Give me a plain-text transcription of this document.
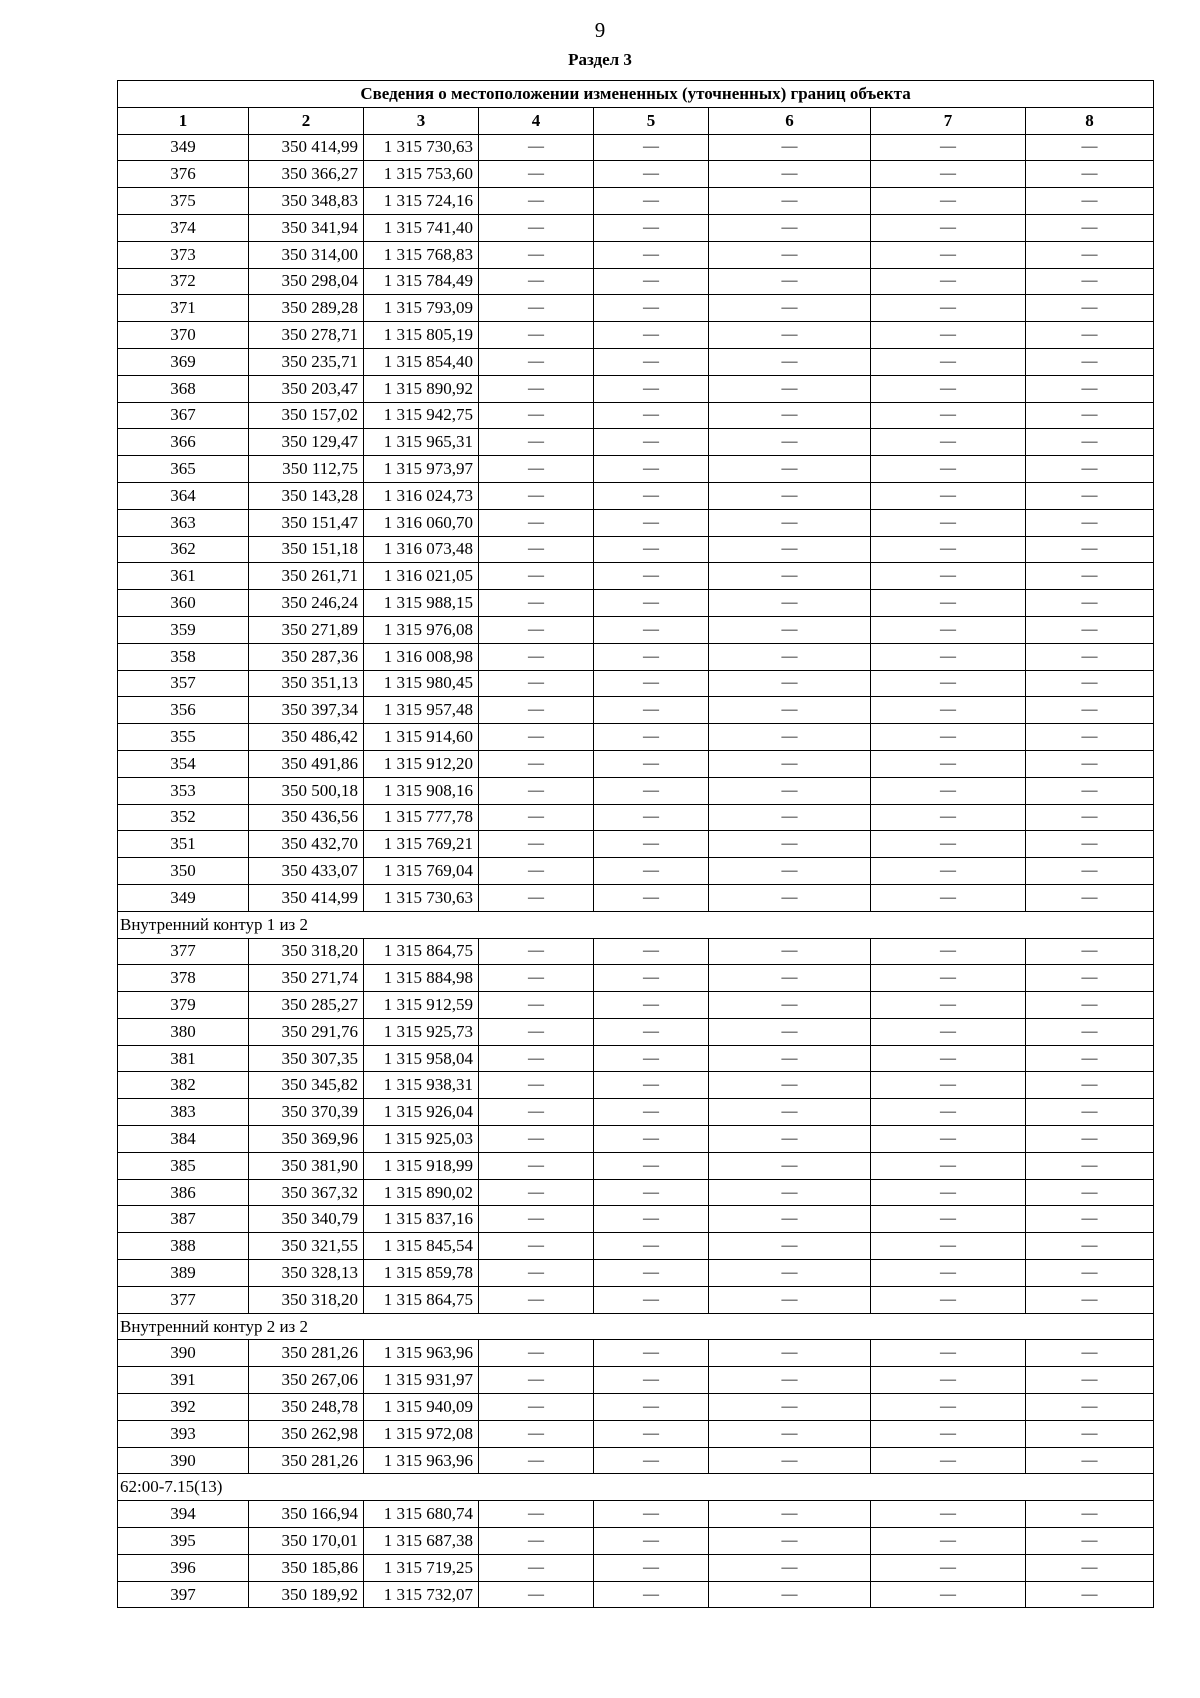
9
Раздел 3
Сведения о местоположении измененных (уточненных) границ объекта							
1	2	3	4	5	6	7	8
349	350 414,99	1 315 730,63	—	—	—	—	—
376	350 366,27	1 315 753,60	—	—	—	—	—
375	350 348,83	1 315 724,16	—	—	—	—	—
374	350 341,94	1 315 741,40	—	—	—	—	—
373	350 314,00	1 315 768,83	—	—	—	—	—
372	350 298,04	1 315 784,49	—	—	—	—	—
371	350 289,28	1 315 793,09	—	—	—	—	—
370	350 278,71	1 315 805,19	—	—	—	—	—
369	350 235,71	1 315 854,40	—	—	—	—	—
368	350 203,47	1 315 890,92	—	—	—	—	—
367	350 157,02	1 315 942,75	—	—	—	—	—
366	350 129,47	1 315 965,31	—	—	—	—	—
365	350 112,75	1 315 973,97	—	—	—	—	—
364	350 143,28	1 316 024,73	—	—	—	—	—
363	350 151,47	1 316 060,70	—	—	—	—	—
362	350 151,18	1 316 073,48	—	—	—	—	—
361	350 261,71	1 316 021,05	—	—	—	—	—
360	350 246,24	1 315 988,15	—	—	—	—	—
359	350 271,89	1 315 976,08	—	—	—	—	—
358	350 287,36	1 316 008,98	—	—	—	—	—
357	350 351,13	1 315 980,45	—	—	—	—	—
356	350 397,34	1 315 957,48	—	—	—	—	—
355	350 486,42	1 315 914,60	—	—	—	—	—
354	350 491,86	1 315 912,20	—	—	—	—	—
353	350 500,18	1 315 908,16	—	—	—	—	—
352	350 436,56	1 315 777,78	—	—	—	—	—
351	350 432,70	1 315 769,21	—	—	—	—	—
350	350 433,07	1 315 769,04	—	—	—	—	—
349	350 414,99	1 315 730,63	—	—	—	—	—
Внутренний контур 1 из 2							
377	350 318,20	1 315 864,75	—	—	—	—	—
378	350 271,74	1 315 884,98	—	—	—	—	—
379	350 285,27	1 315 912,59	—	—	—	—	—
380	350 291,76	1 315 925,73	—	—	—	—	—
381	350 307,35	1 315 958,04	—	—	—	—	—
382	350 345,82	1 315 938,31	—	—	—	—	—
383	350 370,39	1 315 926,04	—	—	—	—	—
384	350 369,96	1 315 925,03	—	—	—	—	—
385	350 381,90	1 315 918,99	—	—	—	—	—
386	350 367,32	1 315 890,02	—	—	—	—	—
387	350 340,79	1 315 837,16	—	—	—	—	—
388	350 321,55	1 315 845,54	—	—	—	—	—
389	350 328,13	1 315 859,78	—	—	—	—	—
377	350 318,20	1 315 864,75	—	—	—	—	—
Внутренний контур 2 из 2							
390	350 281,26	1 315 963,96	—	—	—	—	—
391	350 267,06	1 315 931,97	—	—	—	—	—
392	350 248,78	1 315 940,09	—	—	—	—	—
393	350 262,98	1 315 972,08	—	—	—	—	—
390	350 281,26	1 315 963,96	—	—	—	—	—
62:00-7.15(13)							
394	350 166,94	1 315 680,74	—	—	—	—	—
395	350 170,01	1 315 687,38	—	—	—	—	—
396	350 185,86	1 315 719,25	—	—	—	—	—
397	350 189,92	1 315 732,07	—	—	—	—	—
